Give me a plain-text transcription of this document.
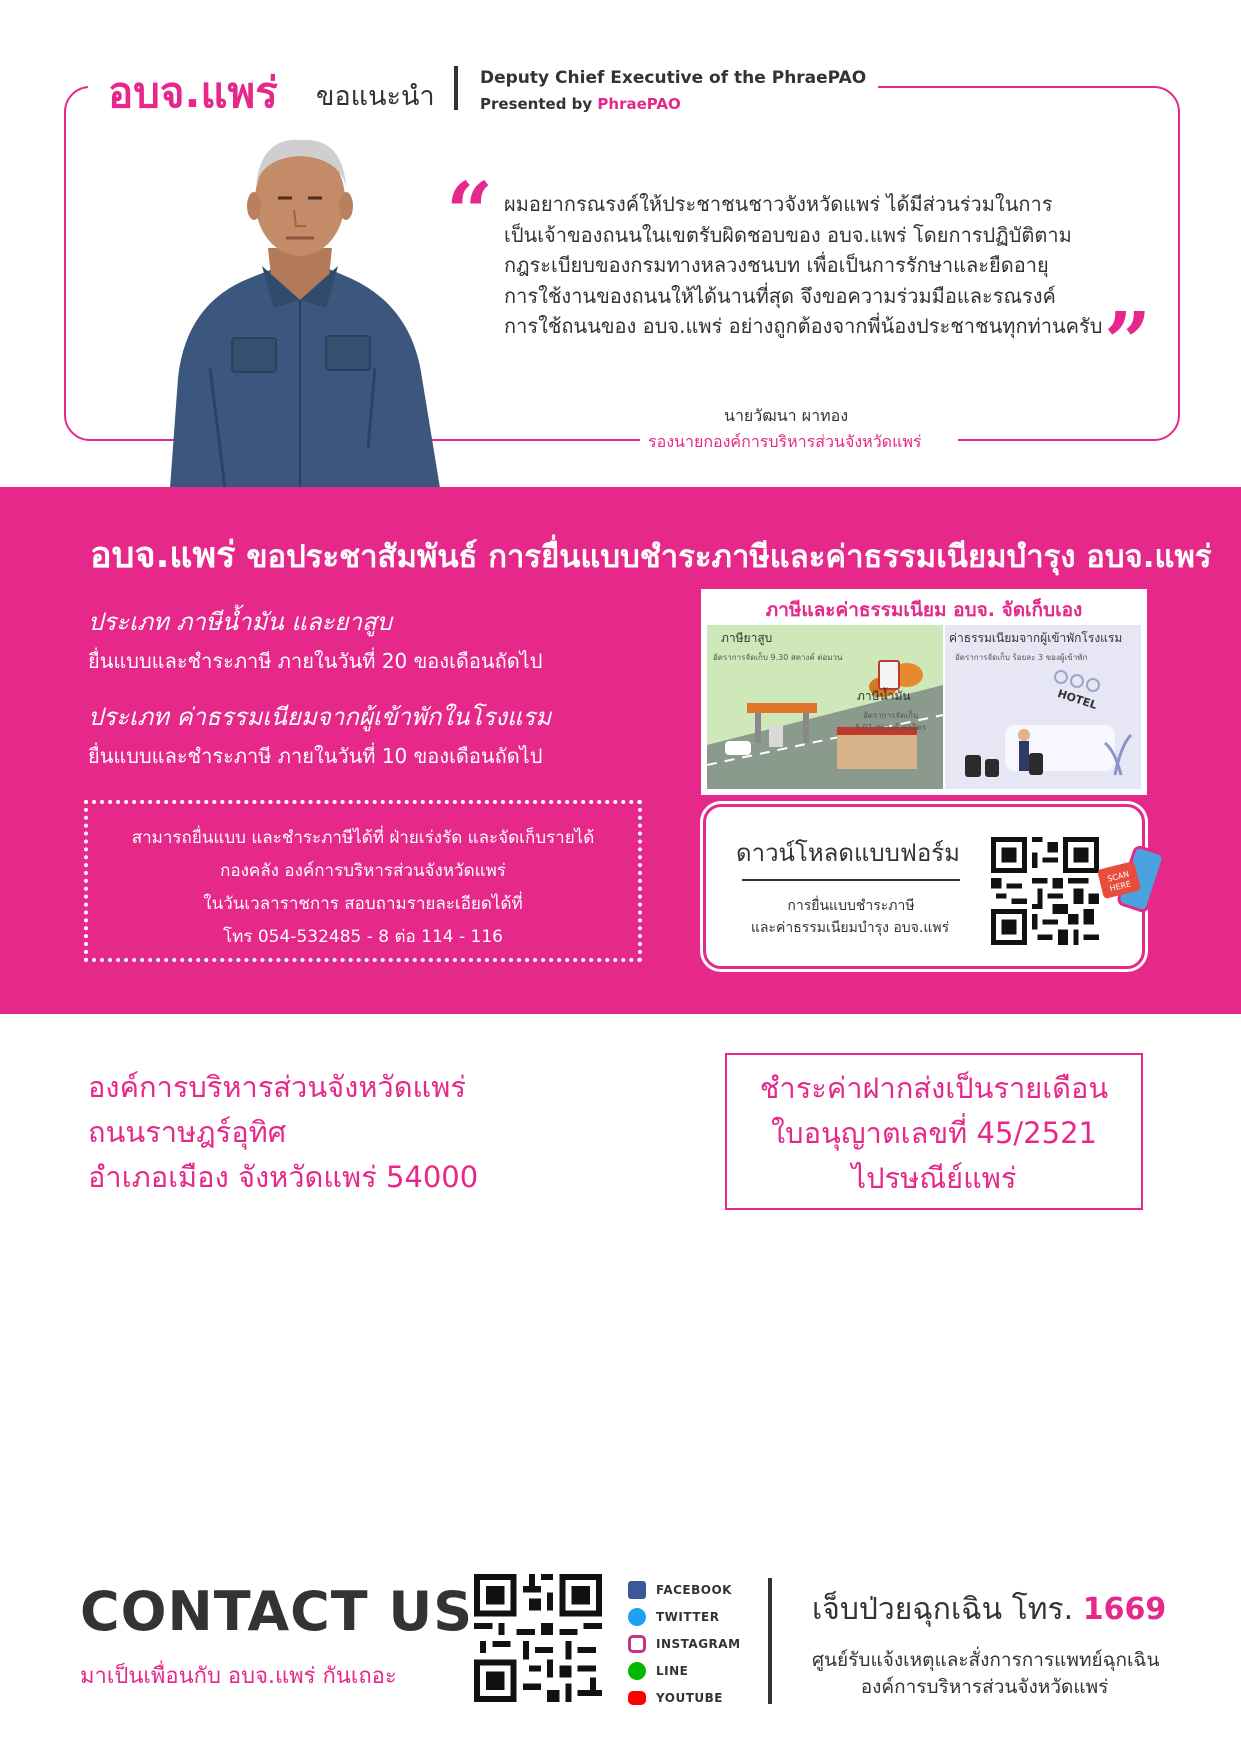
อบจ.แพร่ ขอแนะนำ
Deputy Chief Executive of the PhraePAO
Presented by PhraePAO
“ ผมอยากรณรงค์ให้ประชาชนชาวจังหวัดแพร่ ได้มีส่วนร่วมในการ
เป็นเจ้าของถนนในเขตรับผิดชอบของ อบจ.แพร่ โดยการปฏิบัติตาม
กฎระเบียบของกรมทางหลวงชนบท เพื่อเป็นการรักษาและยืดอายุ
การใช้งานของถนนให้ได้นานที่สุด จึงขอความร่วมมือและรณรงค์
การใช้ถนนของ อบจ.แพร่ อย่างถูกต้องจากพี่น้องประชาชนทุกท่านครับ ”
นายวัฒนา ผาทอง
รองนายกองค์การบริหารส่วนจังหวัดแพร่
อบจ.แพร่ ขอประชาสัมพันธ์ การยื่นแบบชำระภาษีและค่าธรรมเนียมบำรุง อบจ.แพร่
ประเภท ภาษีน้ำมัน และยาสูบ
ยื่นแบบและชำระภาษี ภายในวันที่ 20 ของเดือนถัดไป
ประเภท ค่าธรรมเนียมจากผู้เข้าพักในโรงแรม
ยื่นแบบและชำระภาษี ภายในวันที่ 10 ของเดือนถัดไป
สามารถยื่นแบบ และชำระภาษีได้ที่ ฝ่ายเร่งรัด และจัดเก็บรายได้
กองคลัง องค์การบริหารส่วนจังหวัดแพร่
ในวันเวลาราชการ สอบถามรายละเอียดได้ที่
โทร 054-532485 - 8 ต่อ 114 - 116
ภาษีและค่าธรรมเนียม อบจ. จัดเก็บเอง
ภาษียาสูบ
อัตราการจัดเก็บ 9.30 สตางค์ ต่อมวน
ภาษีน้ำมัน
อัตราการจัดเก็บ
5.01 สตางค์ ต่อลิตร
ค่าธรรมเนียมจากผู้เข้าพักโรงแรม
อัตราการจัดเก็บ ร้อยละ 3 ของผู้เข้าพัก
HOTEL
ดาวน์โหลดแบบฟอร์ม
การยื่นแบบชำระภาษี
และค่าธรรมเนียมบำรุง อบจ.แพร่
SCAN
HERE
องค์การบริหารส่วนจังหวัดแพร่
ถนนราษฎร์อุทิศ
อำเภอเมือง จังหวัดแพร่ 54000
ชำระค่าฝากส่งเป็นรายเดือน
ใบอนุญาตเลขที่ 45/2521
ไปรษณีย์แพร่
CONTACT US
มาเป็นเพื่อนกับ อบจ.แพร่ กันเถอะ
FACEBOOK
TWITTER
INSTAGRAM
LINE
YOUTUBE
เจ็บป่วยฉุกเฉิน โทร. 1669
ศูนย์รับแจ้งเหตุและสั่งการการแพทย์ฉุกเฉิน
องค์การบริหารส่วนจังหวัดแพร่
